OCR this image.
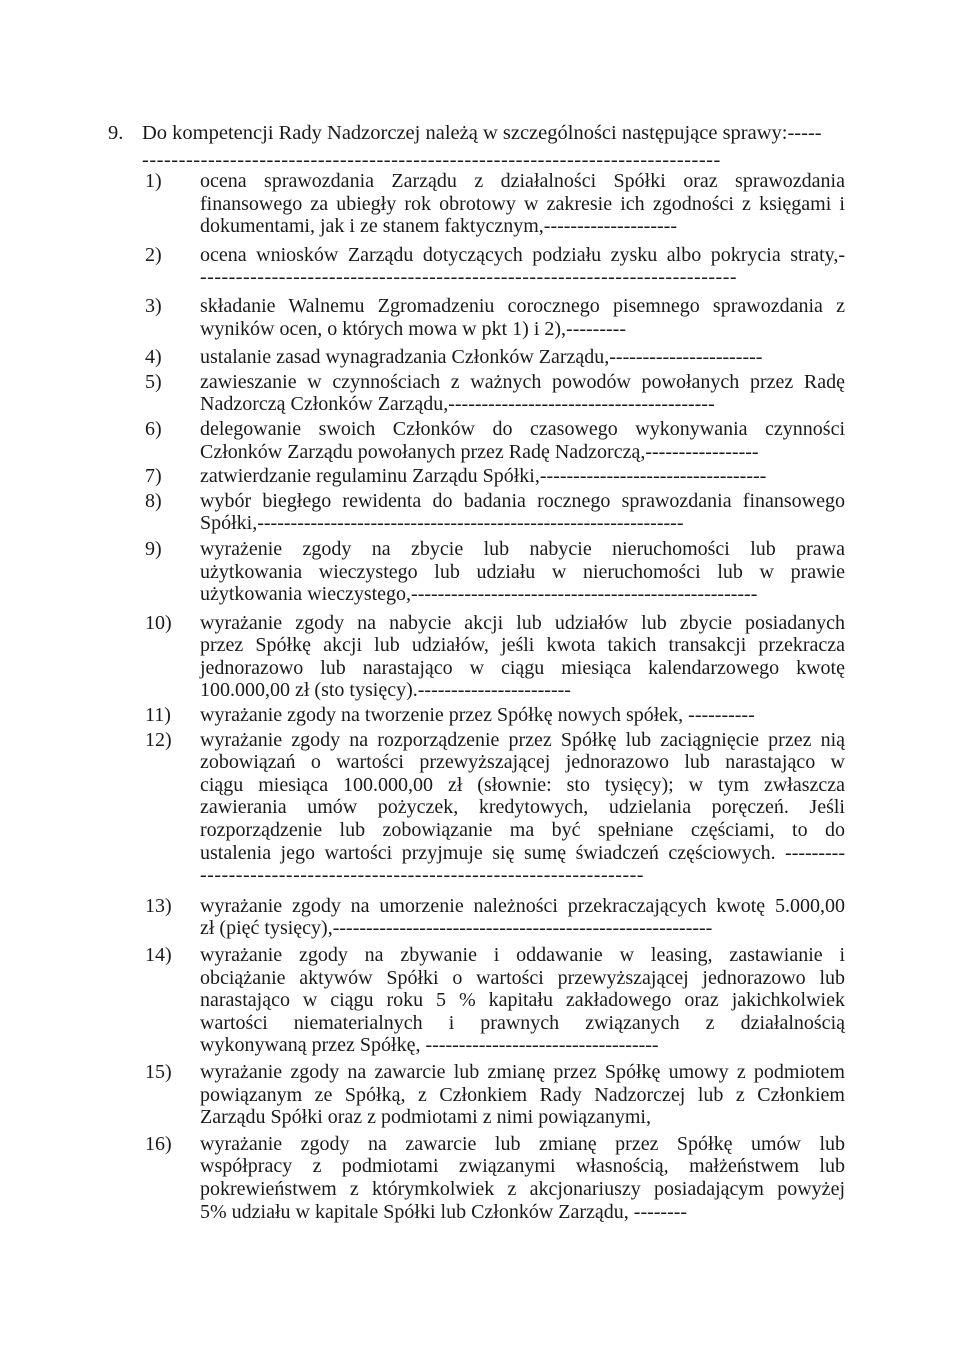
9. Do kompetencji Rady Nadzorczej należą w szczególności następujące sprawy:-----
-------------------------------------------------------------------------------
1)	ocena sprawozdania Zarządu z działalności Spółki oraz sprawozdania
finansowego za ubiegły rok obrotowy w zakresie ich zgodności z księgami i
dokumentami, jak i ze stanem faktycznym,--------------------
2)	ocena wniosków Zarządu dotyczących podziału zysku albo pokrycia straty,-
---------------------------------------------------------------------------
3)	składanie Walnemu Zgromadzeniu corocznego pisemnego sprawozdania z
wyników ocen, o których mowa w pkt 1) i 2),---------
4)	ustalanie zasad wynagradzania Członków Zarządu,-----------------------
5)	zawieszanie w czynnościach z ważnych powodów powołanych przez Radę
Nadzorczą Członków Zarządu,----------------------------------------
6)	delegowanie swoich Członków do czasowego wykonywania czynności
Członków Zarządu powołanych przez Radę Nadzorczą,-----------------
7)	zatwierdzanie regulaminu Zarządu Spółki,----------------------------------
8)	wybór biegłego rewidenta do badania rocznego sprawozdania finansowego
Spółki,----------------------------------------------------------------
9)	wyrażenie zgody na zbycie lub nabycie nieruchomości lub prawa
użytkowania wieczystego lub udziału w nieruchomości lub w prawie
użytkowania wieczystego,----------------------------------------------------
10)	wyrażanie zgody na nabycie akcji lub udziałów lub zbycie posiadanych
przez Spółkę akcji lub udziałów, jeśli kwota takich transakcji przekracza
jednorazowo lub narastająco w ciągu miesiąca kalendarzowego kwotę
100.000,00 zł (sto tysięcy).-----------------------
11)	wyrażanie zgody na tworzenie przez Spółkę nowych spółek, ----------
12)	wyrażanie zgody na rozporządzenie przez Spółkę lub zaciągnięcie przez nią
zobowiązań o wartości przewyższającej jednorazowo lub narastająco w
ciągu miesiąca 100.000,00 zł (słownie: sto tysięcy); w tym zwłaszcza
zawierania umów pożyczek, kredytowych, udzielania poręczeń. Jeśli
rozporządzenie lub zobowiązanie ma być spełniane częściami, to do
ustalenia jego wartości przyjmuje się sumę świadczeń częściowych. ---------
--------------------------------------------------------------
13)	wyrażanie zgody na umorzenie należności przekraczających kwotę 5.000,00
zł (pięć tysięcy),---------------------------------------------------------
14)	wyrażanie zgody na zbywanie i oddawanie w leasing, zastawianie i
obciążanie aktywów Spółki o wartości przewyższającej jednorazowo lub
narastająco w ciągu roku 5 % kapitału zakładowego oraz jakichkolwiek
wartości niematerialnych i prawnych związanych z działalnością
wykonywaną przez Spółkę, -----------------------------------
15)	wyrażanie zgody na zawarcie lub zmianę przez Spółkę umowy z podmiotem
powiązanym ze Spółką, z Członkiem Rady Nadzorczej lub z Członkiem
Zarządu Spółki oraz z podmiotami z nimi powiązanymi,
16)	wyrażanie zgody na zawarcie lub zmianę przez Spółkę umów lub
współpracy z podmiotami związanymi własnością, małżeństwem lub
pokrewieństwem z którymkolwiek z akcjonariuszy posiadającym powyżej
5% udziału w kapitale Spółki lub Członków Zarządu, --------
